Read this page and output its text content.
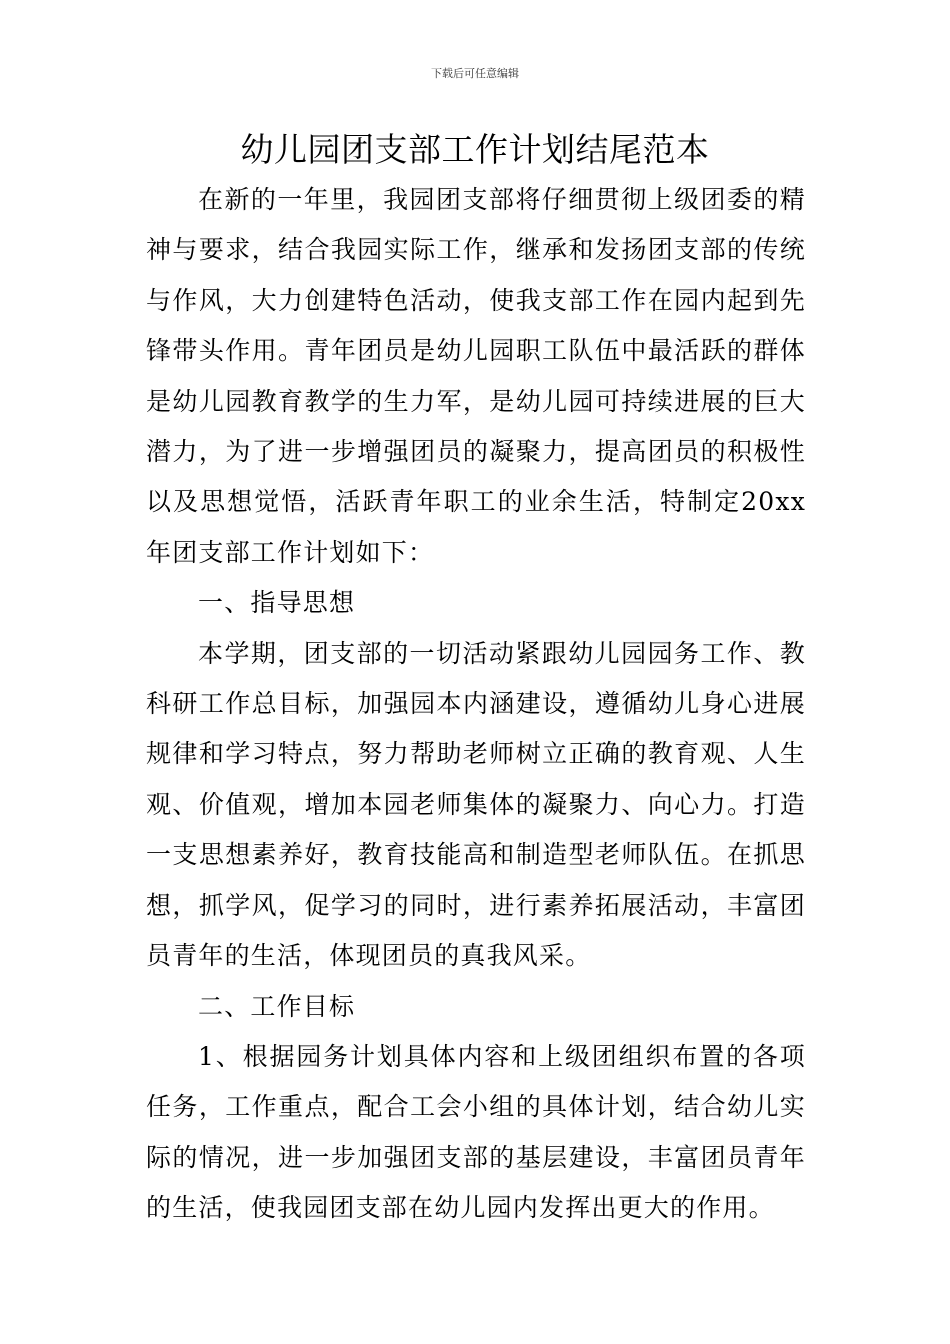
下载后可任意编辑
幼儿园团支部工作计划结尾范本

在新的一年里，我园团支部将仔细贯彻上级团委的精神与要求，结合我园实际工作，继承和发扬团支部的传统与作风，大力创建特色活动，使我支部工作在园内起到先锋带头作用。青年团员是幼儿园职工队伍中最活跃的群体是幼儿园教育教学的生力军，是幼儿园可持续进展的巨大潜力，为了进一步增强团员的凝聚力，提高团员的积极性以及思想觉悟，活跃青年职工的业余生活，特制定20xx年团支部工作计划如下：

一、指导思想

本学期，团支部的一切活动紧跟幼儿园园务工作、教科研工作总目标，加强园本内涵建设，遵循幼儿身心进展规律和学习特点，努力帮助老师树立正确的教育观、人生观、价值观，增加本园老师集体的凝聚力、向心力。打造一支思想素养好，教育技能高和制造型老师队伍。在抓思想，抓学风，促学习的同时，进行素养拓展活动，丰富团员青年的生活，体现团员的真我风采。

二、工作目标

1、根据园务计划具体内容和上级团组织布置的各项任务，工作重点，配合工会小组的具体计划，结合幼儿实际的情况，进一步加强团支部的基层建设，丰富团员青年的生活，使我园团支部在幼儿园内发挥出更大的作用。
